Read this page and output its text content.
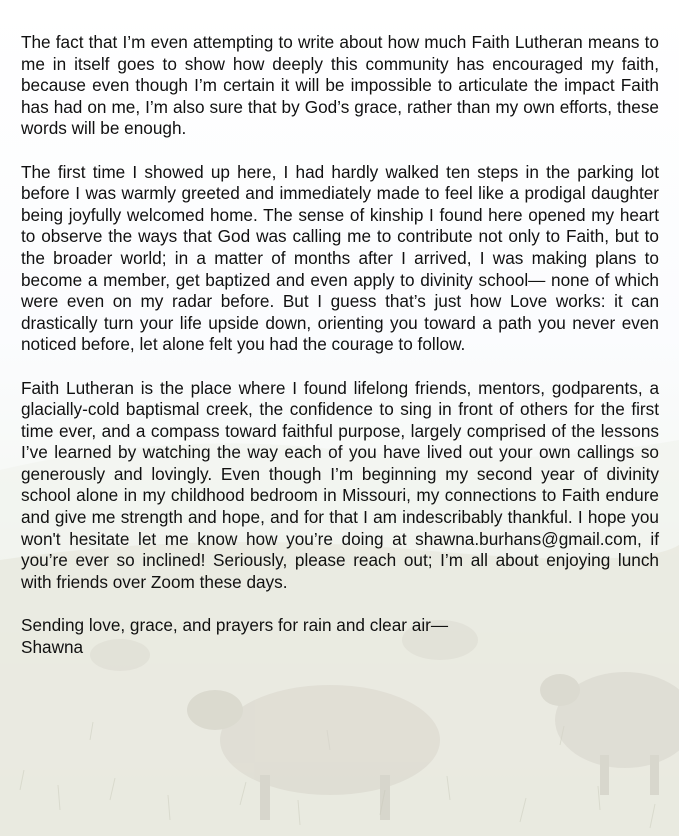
The fact that I’m even attempting to write about how much Faith Lutheran means to me in itself goes to show how deeply this community has encouraged my faith, because even though I’m certain it will be impossible to articulate the impact Faith has had on me, I’m also sure that by God’s grace, rather than my own efforts, these words will be enough.

The first time I showed up here, I had hardly walked ten steps in the parking lot before I was warmly greeted and immediately made to feel like a prodigal daughter being joyfully welcomed home. The sense of kinship I found here opened my heart to observe the ways that God was calling me to contribute not only to Faith, but to the broader world; in a matter of months after I arrived, I was making plans to become a member, get baptized and even apply to divinity school— none of which were even on my radar before. But I guess that’s just how Love works: it can drastically turn your life upside down, orienting you toward a path you never even noticed before, let alone felt you had the courage to follow.

Faith Lutheran is the place where I found lifelong friends, mentors, godparents, a glacially-cold baptismal creek, the confidence to sing in front of others for the first time ever, and a compass toward faithful purpose, largely comprised of the lessons I’ve learned by watching the way each of you have lived out your own callings so generously and lovingly. Even though I’m beginning my second year of divinity school alone in my childhood bedroom in Missouri, my connections to Faith endure and give me strength and hope, and for that I am indescribably thankful. I hope you won't hesitate let me know how you’re doing at shawna.burhans@gmail.com, if you’re ever so inclined! Seriously, please reach out; I’m all about enjoying lunch with friends over Zoom these days.

Sending love, grace, and prayers for rain and clear air—

Shawna
